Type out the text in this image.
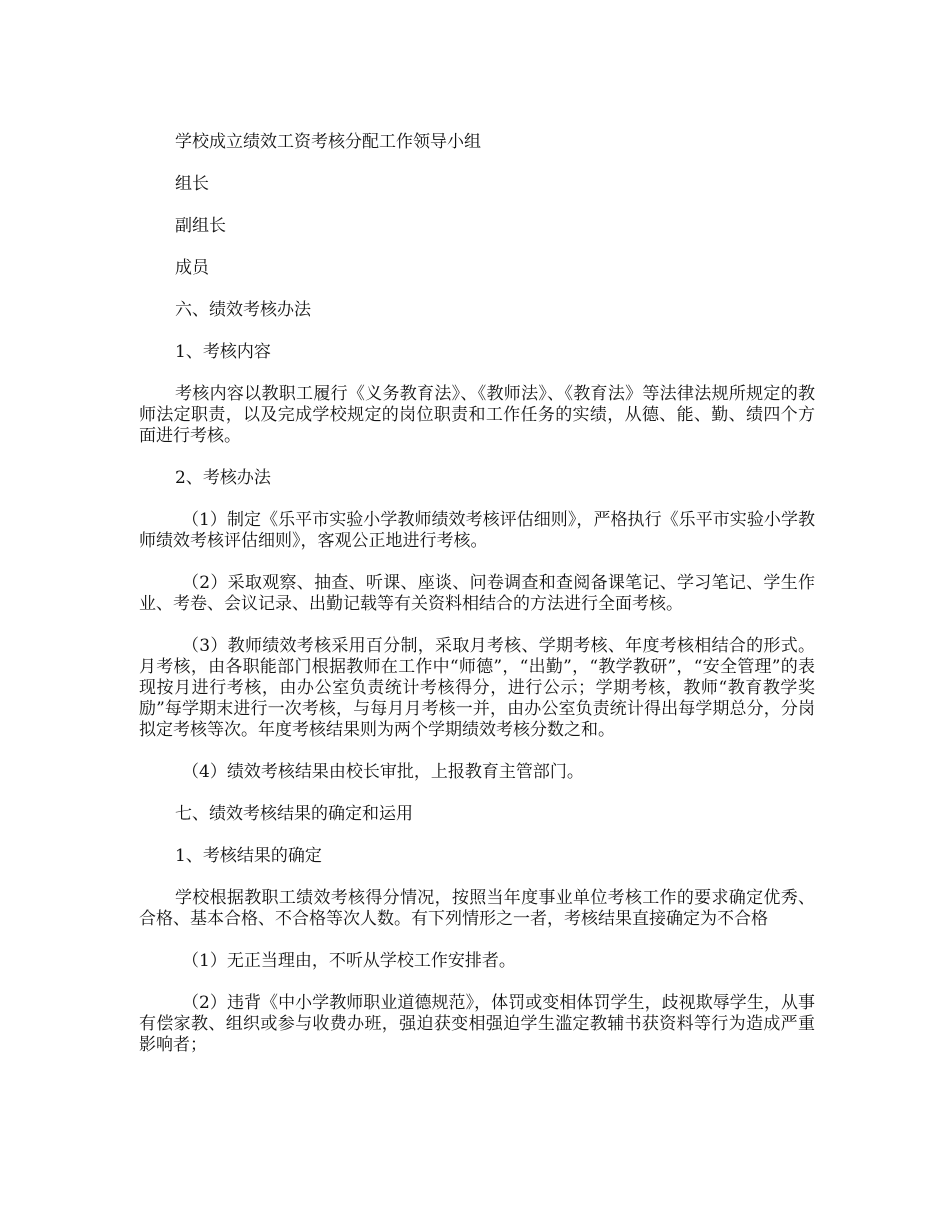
学校成立绩效工资考核分配工作领导小组

组长

副组长

成员

六、绩效考核办法

1、考核内容

考核内容以教职工履行《义务教育法》、《教师法》、《教育法》等法律法规所规定的教师法定职责，以及完成学校规定的岗位职责和工作任务的实绩，从德、能、勤、绩四个方面进行考核。

2、考核办法

（1）制定《乐平市实验小学教师绩效考核评估细则》，严格执行《乐平市实验小学教师绩效考核评估细则》，客观公正地进行考核。

（2）采取观察、抽查、听课、座谈、问卷调查和查阅备课笔记、学习笔记、学生作业、考卷、会议记录、出勤记载等有关资料相结合的方法进行全面考核。

（3）教师绩效考核采用百分制，采取月考核、学期考核、年度考核相结合的形式。月考核，由各职能部门根据教师在工作中“师德”，“出勤”，“教学教研”，“安全管理”的表现按月进行考核，由办公室负责统计考核得分，进行公示；学期考核，教师“教育教学奖励”每学期末进行一次考核，与每月月考核一并，由办公室负责统计得出每学期总分，分岗拟定考核等次。年度考核结果则为两个学期绩效考核分数之和。

（4）绩效考核结果由校长审批，上报教育主管部门。

七、绩效考核结果的确定和运用

1、考核结果的确定

学校根据教职工绩效考核得分情况，按照当年度事业单位考核工作的要求确定优秀、合格、基本合格、不合格等次人数。有下列情形之一者，考核结果直接确定为不合格

（1）无正当理由，不听从学校工作安排者。

（2）违背《中小学教师职业道德规范》，体罚或变相体罚学生，歧视欺辱学生，从事有偿家教、组织或参与收费办班，强迫获变相强迫学生滥定教辅书获资料等行为造成严重影响者；
